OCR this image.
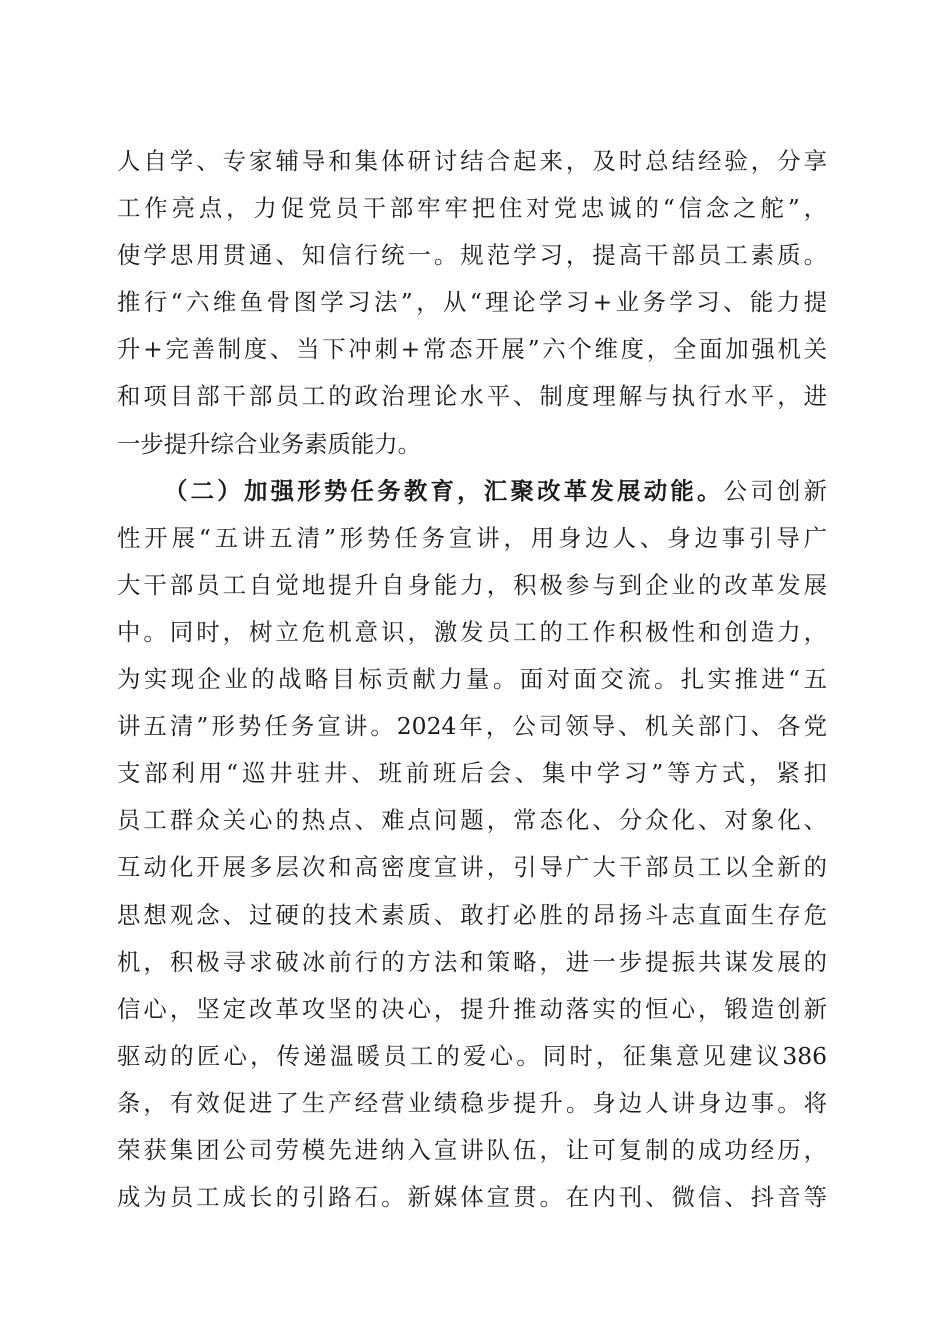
人自学、专家辅导和集体研讨结合起来，及时总结经验，分享
工作亮点，力促党员干部牢牢把住对党忠诚的“信念之舵”，
使学思用贯通、知信行统一。规范学习，提高干部员工素质。
推行“六维鱼骨图学习法”，从“理论学习+业务学习、能力提
升+完善制度、当下冲刺+常态开展”六个维度，全面加强机关
和项目部干部员工的政治理论水平、制度理解与执行水平，进
一步提升综合业务素质能力。
（二）加强形势任务教育，汇聚改革发展动能。公司创新
性开展“五讲五清”形势任务宣讲，用身边人、身边事引导广
大干部员工自觉地提升自身能力，积极参与到企业的改革发展
中。同时，树立危机意识，激发员工的工作积极性和创造力，
为实现企业的战略目标贡献力量。面对面交流。扎实推进“五
讲五清”形势任务宣讲。2024年，公司领导、机关部门、各党
支部利用“巡井驻井、班前班后会、集中学习”等方式，紧扣
员工群众关心的热点、难点问题，常态化、分众化、对象化、
互动化开展多层次和高密度宣讲，引导广大干部员工以全新的
思想观念、过硬的技术素质、敢打必胜的昂扬斗志直面生存危
机，积极寻求破冰前行的方法和策略，进一步提振共谋发展的
信心，坚定改革攻坚的决心，提升推动落实的恒心，锻造创新
驱动的匠心，传递温暖员工的爱心。同时，征集意见建议386
条，有效促进了生产经营业绩稳步提升。身边人讲身边事。将
荣获集团公司劳模先进纳入宣讲队伍，让可复制的成功经历，
成为员工成长的引路石。新媒体宣贯。在内刊、微信、抖音等
